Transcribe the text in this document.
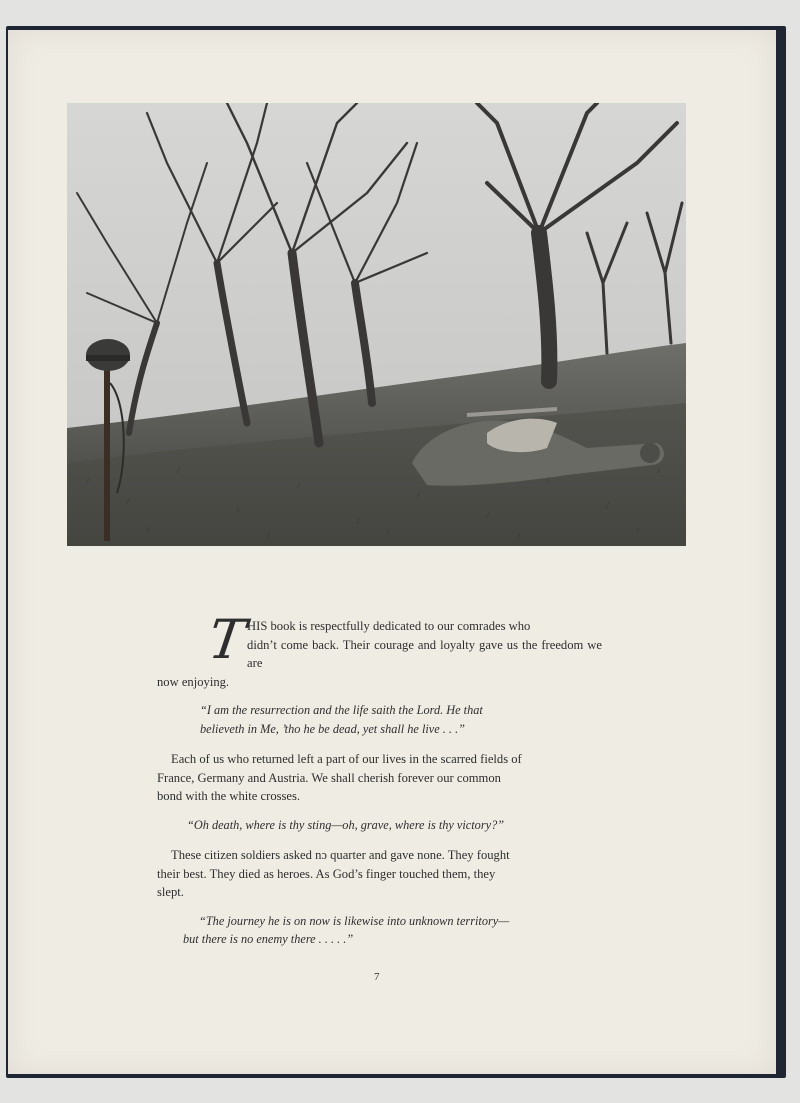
T
HIS book is respectfully dedicated to our comrades who
didn’t come back. Their courage and loyalty gave us the freedom we are
now enjoying.

“I am the resurrection and the life saith the Lord. He that
believeth in Me, ’tho he be dead, yet shall he live . . .”

Each of us who returned left a part of our lives in the scarred fields of
France, Germany and Austria. We shall cherish forever our common
bond with the white crosses.

“Oh death, where is thy sting—oh, grave, where is thy victory?”

These citizen soldiers asked nɔ quarter and gave none. They fought
their best. They died as heroes. As God’s finger touched them, they
slept.

“The journey he is on now is likewise into unknown territory—
but there is no enemy there . . . . .”

7
